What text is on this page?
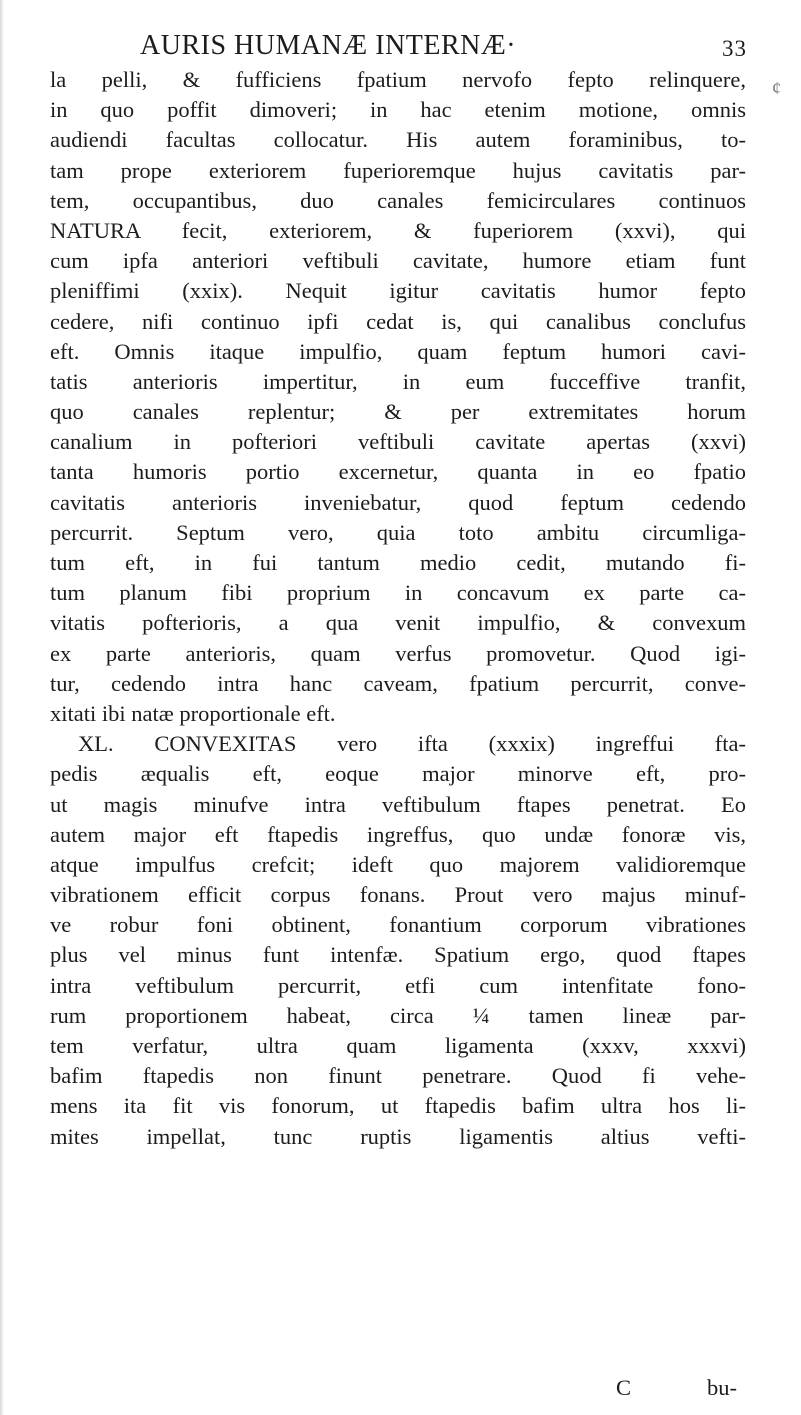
AURIS HUMANÆ INTERNÆ·	33
¢
la pelli, & fufficiens fpatium nervofo fepto relinquere,
in quo poffit dimoveri; in hac etenim motione, omnis
audiendi facultas collocatur. His autem foraminibus, to-
tam prope exteriorem fuperioremque hujus cavitatis par-
tem, occupantibus, duo canales femicirculares continuos
NATURA fecit, exteriorem, & fuperiorem (xxvi), qui
cum ipfa anteriori veftibuli cavitate, humore etiam funt
pleniffimi (xxix). Nequit igitur cavitatis humor fepto
cedere, nifi continuo ipfi cedat is, qui canalibus conclufus
eft. Omnis itaque impulfio, quam feptum humori cavi-
tatis anterioris impertitur, in eum fucceffive tranfit,
quo canales replentur; & per extremitates horum
canalium in pofteriori veftibuli cavitate apertas (xxvi)
tanta humoris portio excernetur, quanta in eo fpatio
cavitatis anterioris inveniebatur, quod feptum cedendo
percurrit. Septum vero, quia toto ambitu circumliga-
tum eft, in fui tantum medio cedit, mutando fi-
tum planum fibi proprium in concavum ex parte ca-
vitatis pofterioris, a qua venit impulfio, & convexum
ex parte anterioris, quam verfus promovetur. Quod igi-
tur, cedendo intra hanc caveam, fpatium percurrit, conve-
xitati ibi natæ proportionale eft.
XL. CONVEXITAS vero ifta (xxxix) ingreffui fta-
pedis æqualis eft, eoque major minorve eft, pro-
ut magis minufve intra veftibulum ftapes penetrat. Eo
autem major eft ftapedis ingreffus, quo undæ fonoræ vis,
atque impulfus crefcit; ideft quo majorem validioremque
vibrationem efficit corpus fonans. Prout vero majus minuf-
ve robur foni obtinent, fonantium corporum vibrationes
plus vel minus funt intenfæ. Spatium ergo, quod ftapes
intra veftibulum percurrit, etfi cum intenfitate fono-
rum proportionem habeat, circa ¼ tamen lineæ par-
tem verfatur, ultra quam ligamenta (xxxv, xxxvi)
bafim ftapedis non finunt penetrare. Quod fi vehe-
mens ita fit vis fonorum, ut ftapedis bafim ultra hos li-
mites impellat, tunc ruptis ligamentis altius vefti-
C	bu-
